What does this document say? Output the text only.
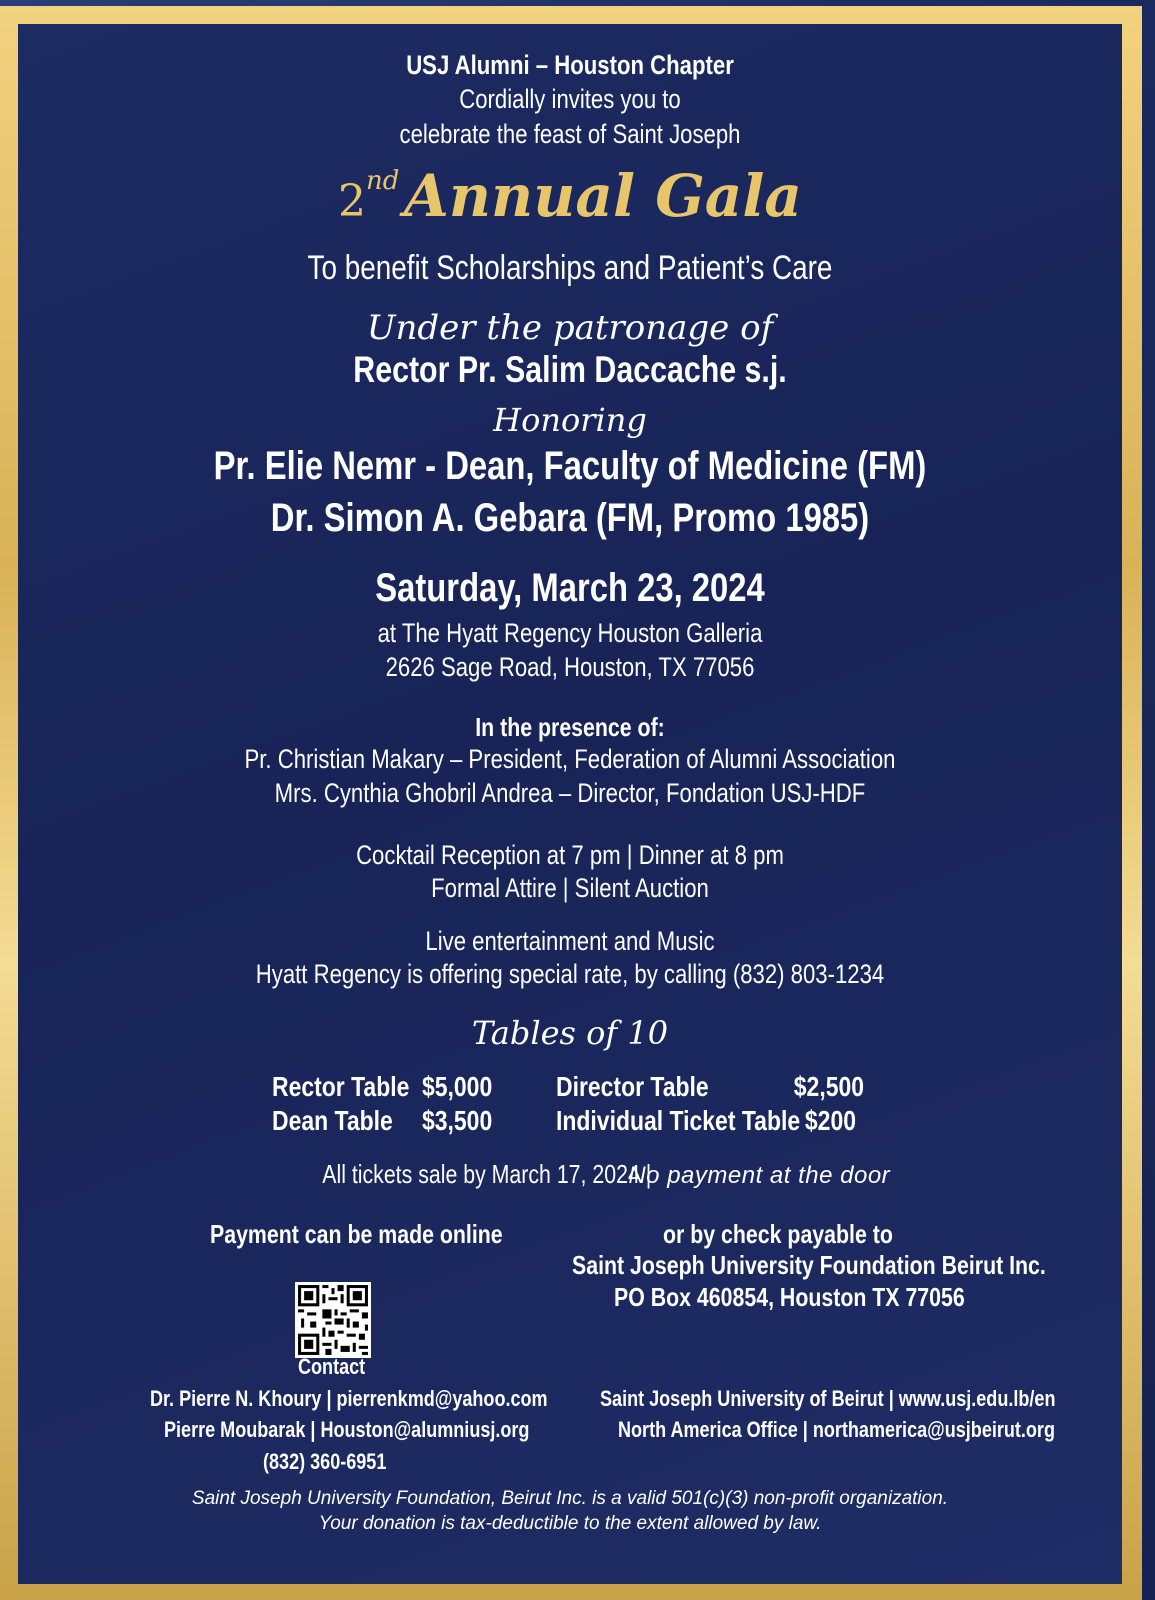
USJ Alumni – Houston Chapter
Cordially invites you to
celebrate the feast of Saint Joseph
2nd Annual Gala
To benefit Scholarships and Patient’s Care
Under the patronage of
Rector Pr. Salim Daccache s.j.
Honoring
Pr. Elie Nemr - Dean, Faculty of Medicine (FM)
Dr. Simon A. Gebara (FM, Promo 1985)
Saturday, March 23, 2024
at The Hyatt Regency Houston Galleria
2626 Sage Road, Houston, TX 77056
In the presence of:
Pr. Christian Makary – President, Federation of Alumni Association
Mrs. Cynthia Ghobril Andrea – Director, Fondation USJ-HDF
Cocktail Reception at 7 pm | Dinner at 8 pm
Formal Attire | Silent Auction
Live entertainment and Music
Hyatt Regency is offering special rate, by calling (832) 803-1234
Tables of 10
Rector Table $5,000
Dean Table $3,500
Director Table	$2,500
Individual Ticket Table $200
All tickets sale by March 17, 2024 | No payment at the door
Payment can be made online
Contact
Dr. Pierre N. Khoury | pierrenkmd@yahoo.com
Pierre Moubarak | Houston@alumniusj.org
(832) 360-6951
or by check payable to
Saint Joseph University Foundation Beirut Inc.
PO Box 460854, Houston TX 77056
Saint Joseph University of Beirut | www.usj.edu.lb/en
North America Office | northamerica@usjbeirut.org
Saint Joseph University Foundation, Beirut Inc. is a valid 501(c)(3) non-profit organization.
Your donation is tax-deductible to the extent allowed by law.
